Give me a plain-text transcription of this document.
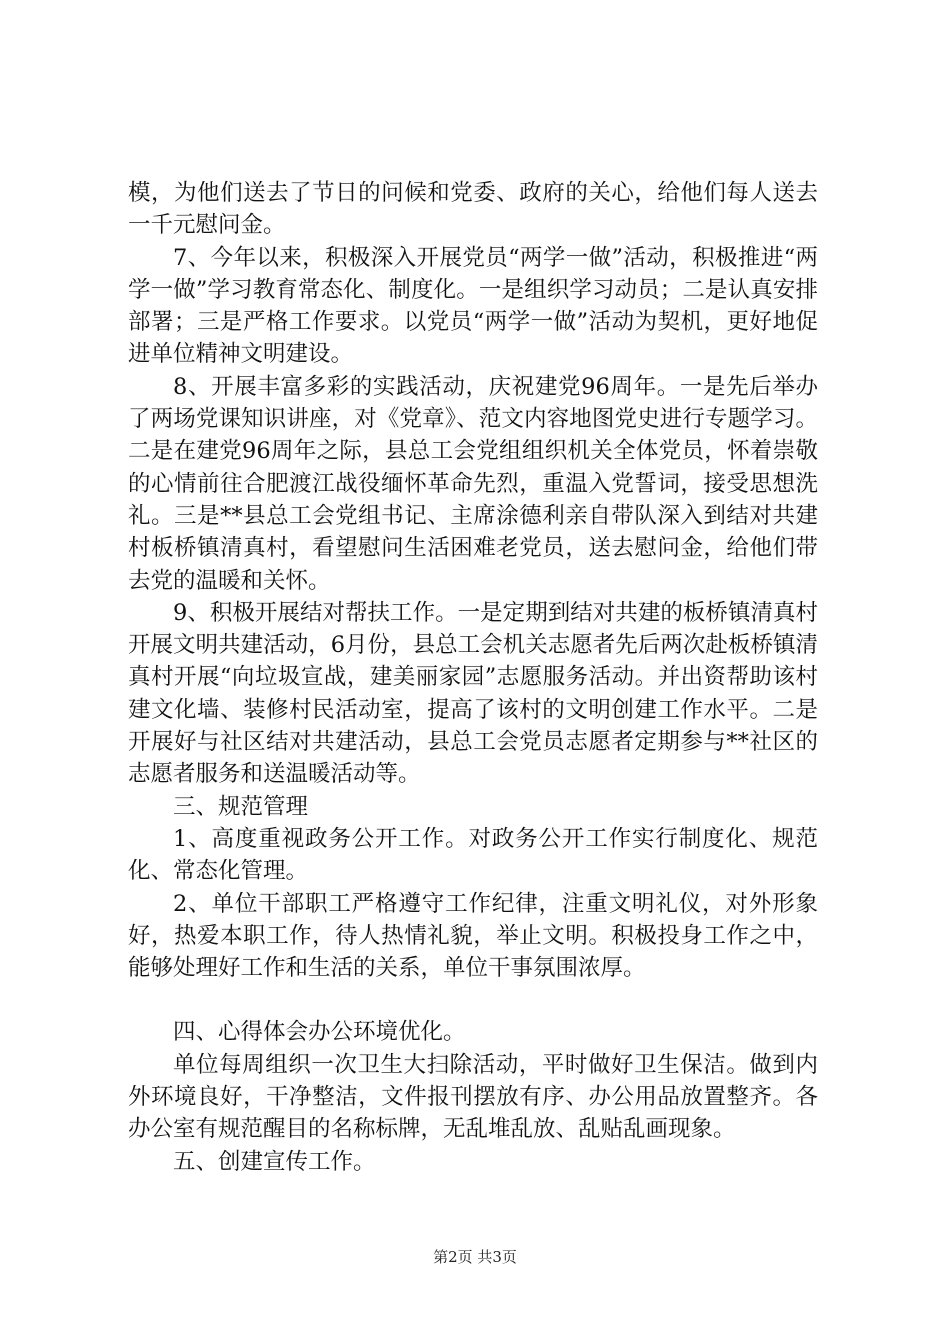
模，为他们送去了节日的问候和党委、政府的关心，给他们每人送去一千元慰问金。

7、今年以来，积极深入开展党员“两学一做”活动，积极推进“两学一做”学习教育常态化、制度化。一是组织学习动员；二是认真安排部署；三是严格工作要求。以党员“两学一做”活动为契机，更好地促进单位精神文明建设。

8、开展丰富多彩的实践活动，庆祝建党96周年。一是先后举办了两场党课知识讲座，对《党章》、范文内容地图党史进行专题学习。二是在建党96周年之际，县总工会党组组织机关全体党员，怀着崇敬的心情前往合肥渡江战役缅怀革命先烈，重温入党誓词，接受思想洗礼。三是**县总工会党组书记、主席涂德利亲自带队深入到结对共建村板桥镇清真村，看望慰问生活困难老党员，送去慰问金，给他们带去党的温暖和关怀。

9、积极开展结对帮扶工作。一是定期到结对共建的板桥镇清真村开展文明共建活动，6月份，县总工会机关志愿者先后两次赴板桥镇清真村开展“向垃圾宣战，建美丽家园”志愿服务活动。并出资帮助该村建文化墙、装修村民活动室，提高了该村的文明创建工作水平。二是开展好与社区结对共建活动，县总工会党员志愿者定期参与**社区的志愿者服务和送温暖活动等。

三、规范管理

1、高度重视政务公开工作。对政务公开工作实行制度化、规范化、常态化管理。

2、单位干部职工严格遵守工作纪律，注重文明礼仪，对外形象好，热爱本职工作，待人热情礼貌，举止文明。积极投身工作之中，能够处理好工作和生活的关系，单位干事氛围浓厚。

四、心得体会办公环境优化。

单位每周组织一次卫生大扫除活动，平时做好卫生保洁。做到内外环境良好，干净整洁，文件报刊摆放有序、办公用品放置整齐。各办公室有规范醒目的名称标牌，无乱堆乱放、乱贴乱画现象。

五、创建宣传工作。

第2页 共3页
